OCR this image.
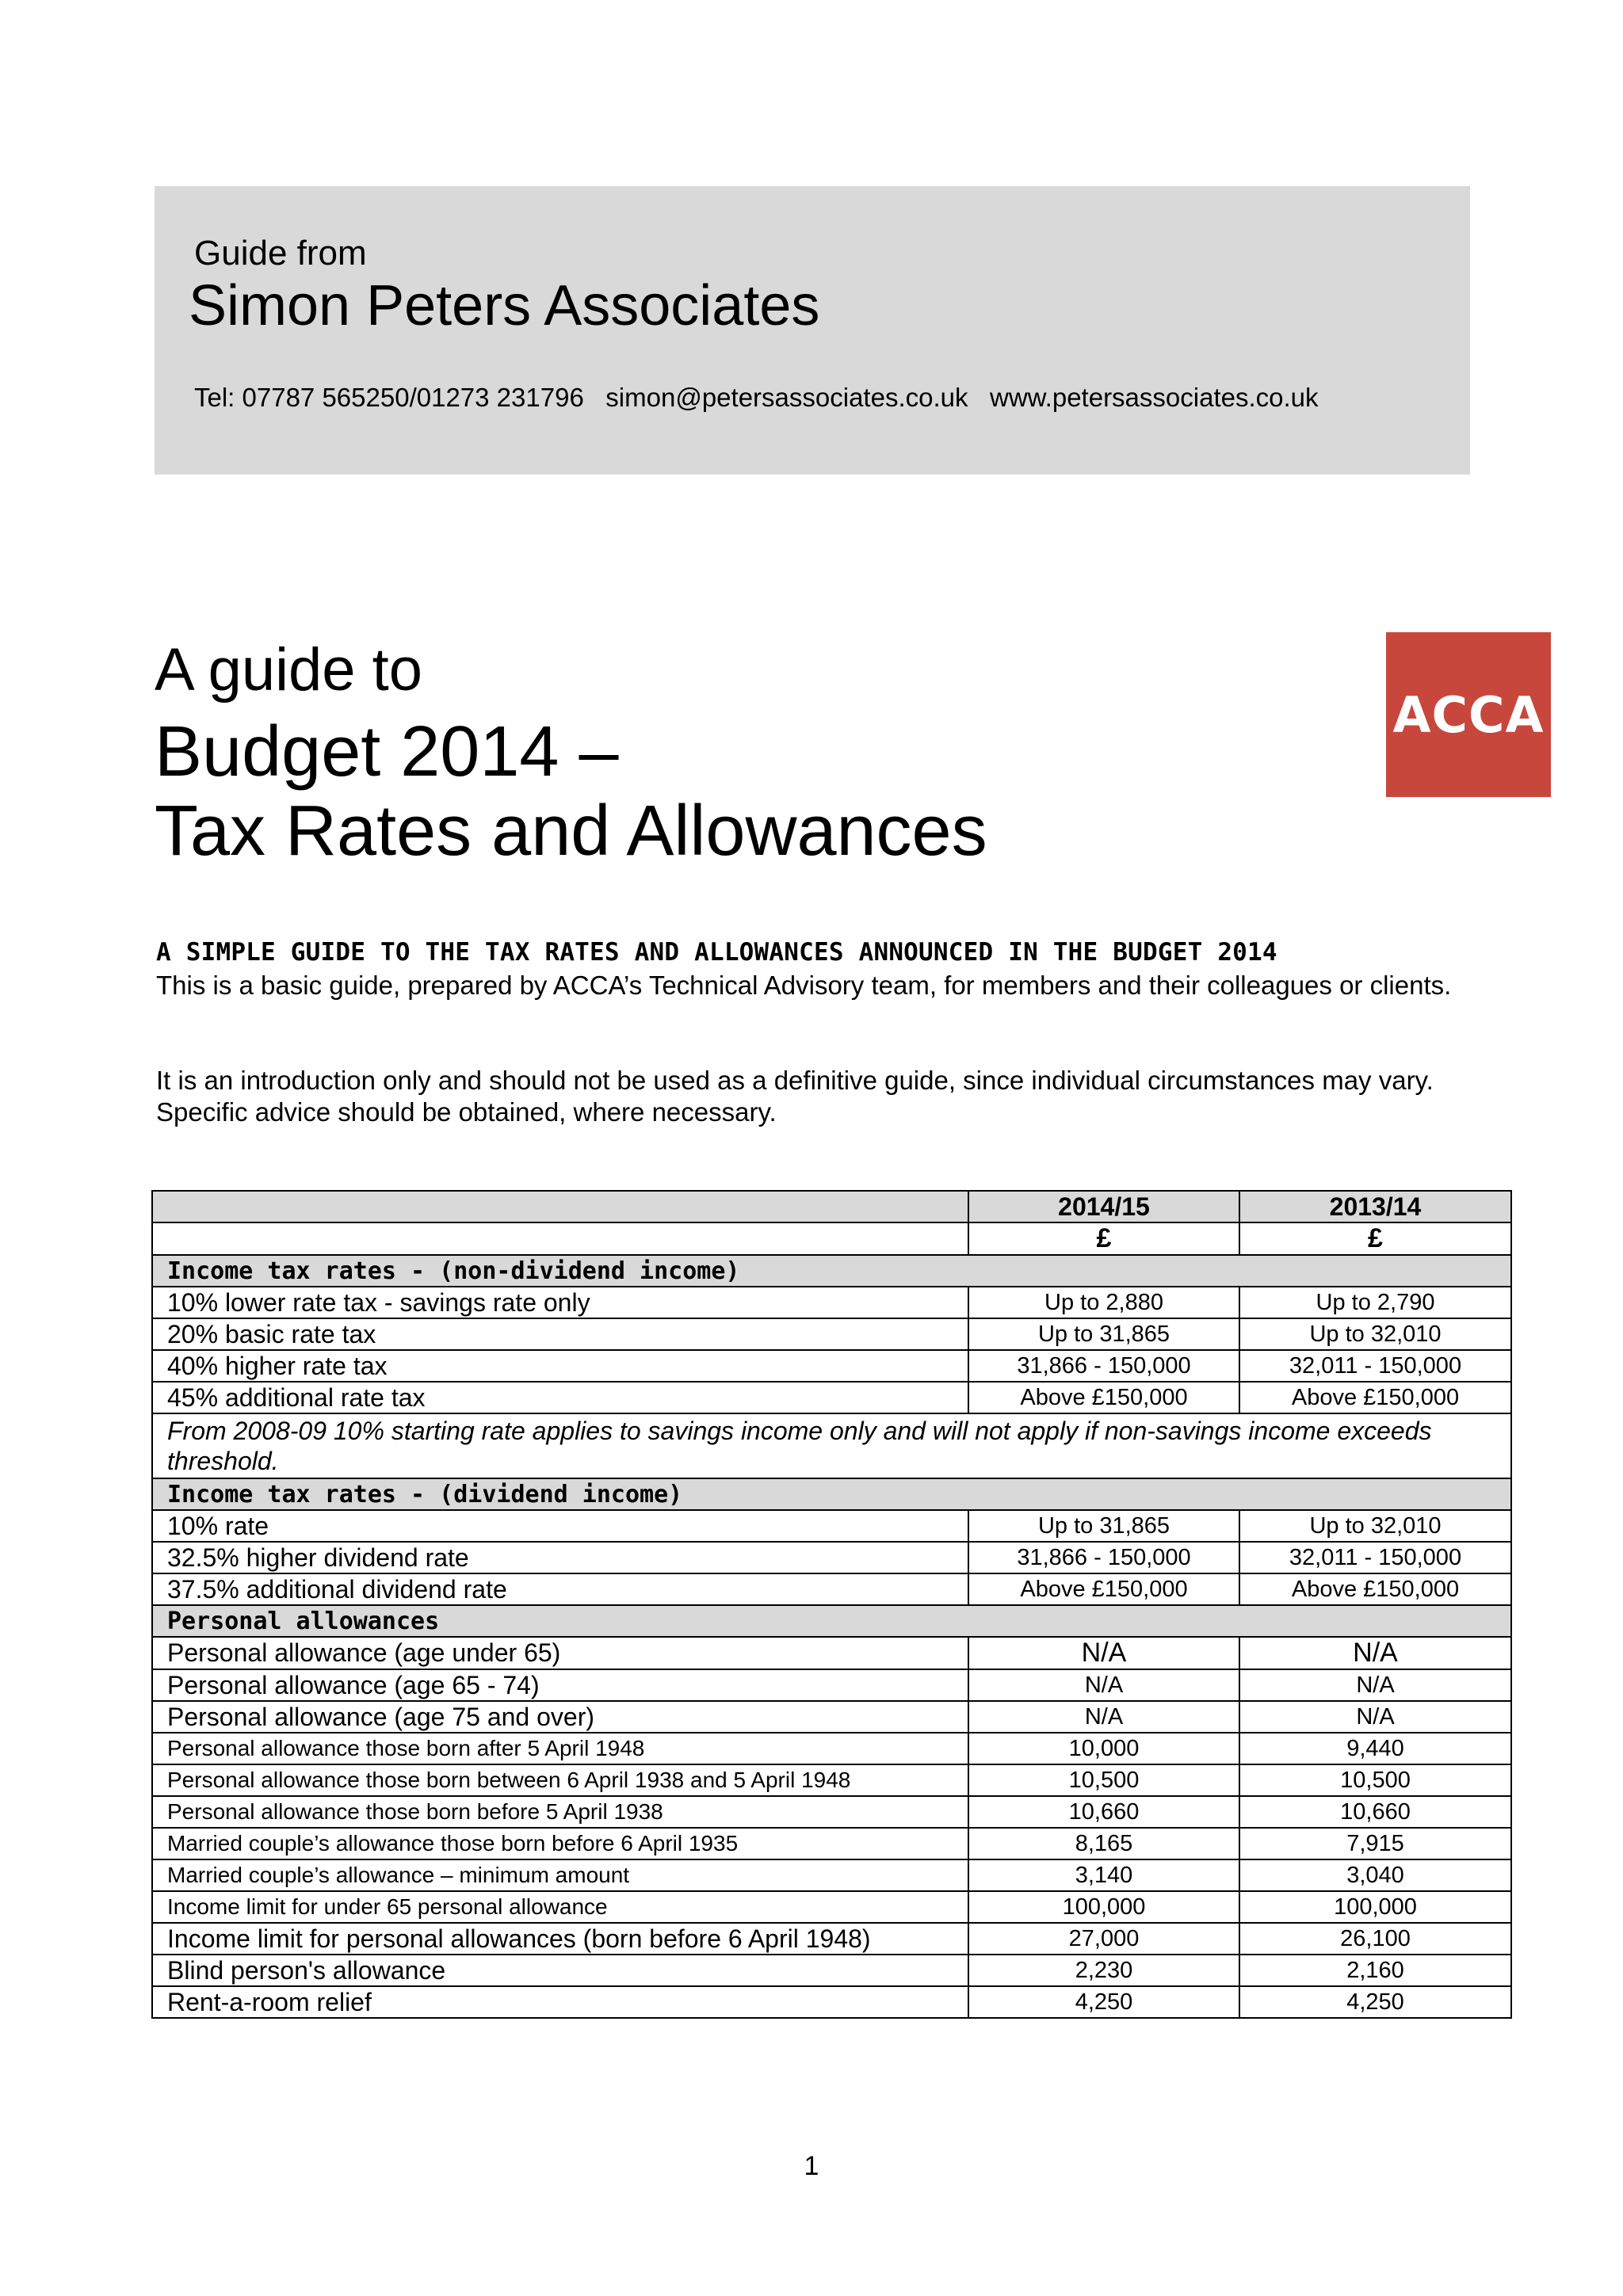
Guide from
Simon Peters Associates
Tel: 07787 565250/01273 231796   simon@petersassociates.co.uk   www.petersassociates.co.uk
A guide to
Budget 2014 –
Tax Rates and Allowances
ACCA
A SIMPLE GUIDE TO THE TAX RATES AND ALLOWANCES ANNOUNCED IN THE BUDGET 2014
This is a basic guide, prepared by ACCA’s Technical Advisory team, for members and their colleagues or clients.
It is an introduction only and should not be used as a definitive guide, since individual circumstances may vary. Specific advice should be obtained, where necessary.
	2014/15	2013/14
	£	£
Income tax rates - (non-dividend income)		
10% lower rate tax - savings rate only	Up to 2,880	Up to 2,790
20% basic rate tax	Up to 31,865	Up to 32,010
40% higher rate tax	31,866 - 150,000	32,011 - 150,000
45% additional rate tax	Above £150,000	Above £150,000
From 2008-09 10% starting rate applies to savings income only and will not apply if non-savings income exceeds threshold.		
Income tax rates - (dividend income)		
10% rate	Up to 31,865	Up to 32,010
32.5% higher dividend rate	31,866 - 150,000	32,011 - 150,000
37.5% additional dividend rate	Above £150,000	Above £150,000
Personal allowances		
Personal allowance (age under 65)	N/A	N/A
Personal allowance (age 65 - 74)	N/A	N/A
Personal allowance (age 75 and over)	N/A	N/A
Personal allowance those born after 5 April 1948	10,000	9,440
Personal allowance those born between 6 April 1938 and 5 April 1948	10,500	10,500
Personal allowance those born before 5 April 1938	10,660	10,660
Married couple’s allowance those born before 6 April 1935	8,165	7,915
Married couple’s allowance – minimum amount	3,140	3,040
Income limit for under 65 personal allowance	100,000	100,000
Income limit for personal allowances (born before 6 April 1948)	27,000	26,100
Blind person's allowance	2,230	2,160
Rent-a-room relief	4,250	4,250
1
